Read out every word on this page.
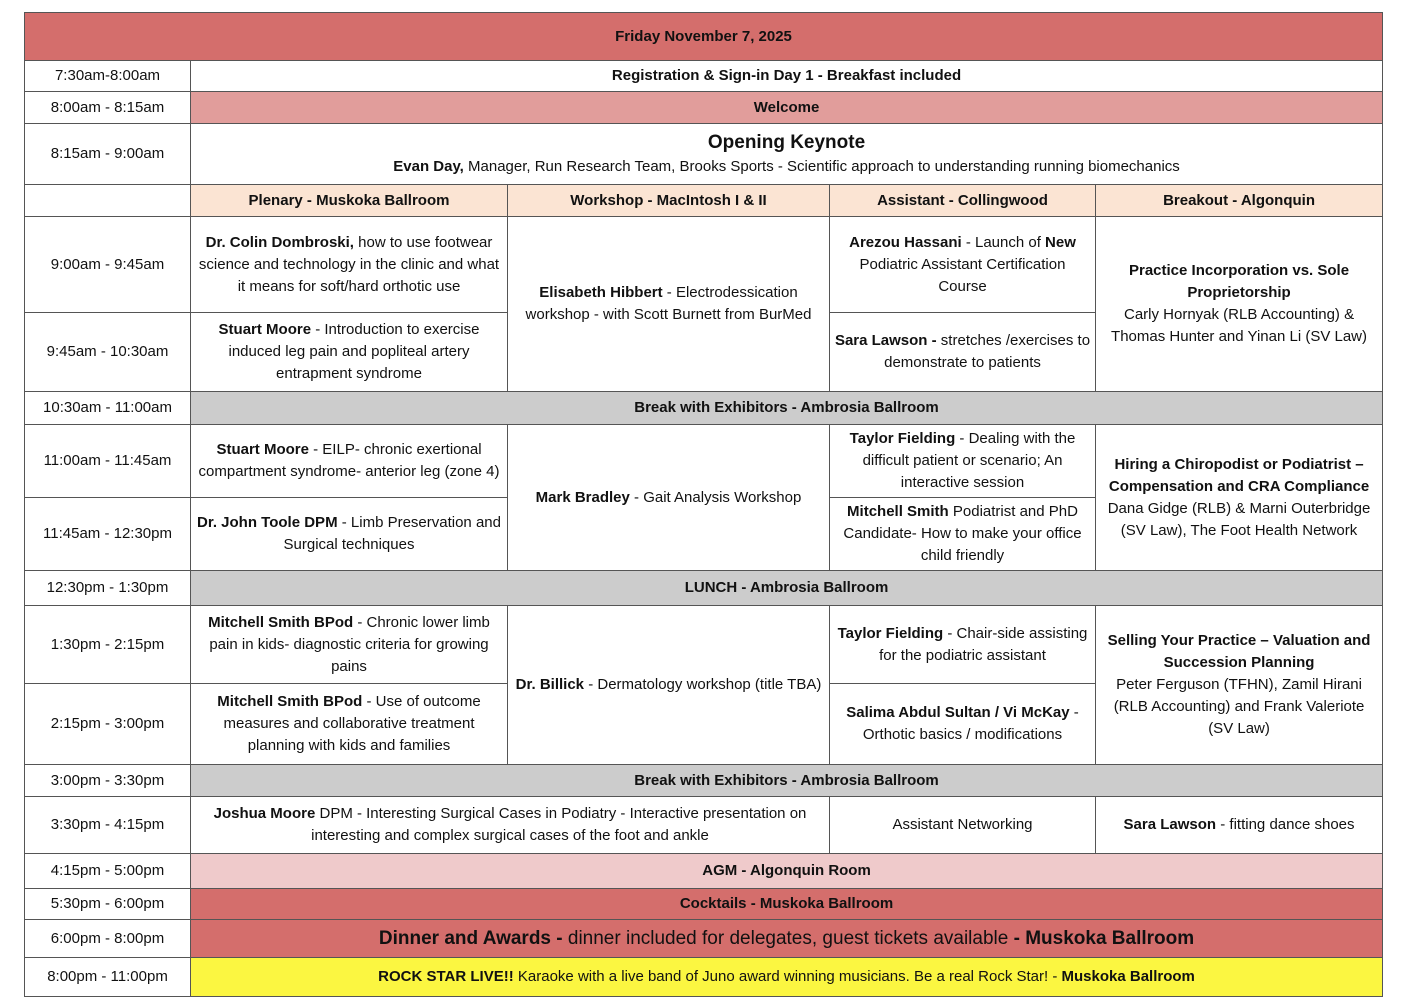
Friday November 7, 2025				
7:30am-8:00am	Registration & Sign-in Day 1 - Breakfast included			
8:00am - 8:15am	Welcome			
8:15am - 9:00am	Opening Keynote
Evan Day, Manager, Run Research Team, Brooks Sports - Scientific approach to understanding running biomechanics			
	Plenary - Muskoka Ballroom	Workshop - MacIntosh I & II	Assistant - Collingwood	Breakout - Algonquin
9:00am - 9:45am	Dr. Colin Dombroski, how to use footwear science and technology in the clinic and what it means for soft/hard orthotic use	Elisabeth Hibbert - Electrodessication workshop - with Scott Burnett from BurMed	Arezou Hassani - Launch of New Podiatric Assistant Certification Course	Practice Incorporation vs. Sole Proprietorship
Carly Hornyak (RLB Accounting) & Thomas Hunter and Yinan Li (SV Law)
9:45am - 10:30am	Stuart Moore - Introduction to exercise induced leg pain and popliteal artery entrapment syndrome		Sara Lawson - stretches /exercises to demonstrate to patients	
10:30am - 11:00am	Break with Exhibitors - Ambrosia Ballroom			
11:00am - 11:45am	Stuart Moore - EILP- chronic exertional compartment syndrome- anterior leg (zone 4)	Mark Bradley - Gait Analysis Workshop	Taylor Fielding - Dealing with the difficult patient or scenario; An interactive session	Hiring a Chiropodist or Podiatrist – Compensation and CRA Compliance
Dana Gidge (RLB) & Marni Outerbridge (SV Law), The Foot Health Network
11:45am - 12:30pm	Dr. John Toole DPM - Limb Preservation and Surgical techniques		Mitchell Smith Podiatrist and PhD Candidate- How to make your office child friendly	
12:30pm - 1:30pm	LUNCH - Ambrosia Ballroom			
1:30pm - 2:15pm	Mitchell Smith BPod - Chronic lower limb pain in kids- diagnostic criteria for growing pains	Dr. Billick - Dermatology workshop (title TBA)	Taylor Fielding - Chair-side assisting for the podiatric assistant	Selling Your Practice – Valuation and Succession Planning
Peter Ferguson (TFHN), Zamil Hirani (RLB Accounting) and Frank Valeriote (SV Law)
2:15pm - 3:00pm	Mitchell Smith BPod - Use of outcome measures and collaborative treatment planning with kids and families		Salima Abdul Sultan / Vi McKay - Orthotic basics / modifications	
3:00pm - 3:30pm	Break with Exhibitors - Ambrosia Ballroom			
3:30pm - 4:15pm	Joshua Moore DPM - Interesting Surgical Cases in Podiatry - Interactive presentation on interesting and complex surgical cases of the foot and ankle		Assistant Networking	Sara Lawson - fitting dance shoes
4:15pm - 5:00pm	AGM - Algonquin Room			
5:30pm - 6:00pm	Cocktails - Muskoka Ballroom			
6:00pm - 8:00pm	Dinner and Awards - dinner included for delegates, guest tickets available - Muskoka Ballroom			
8:00pm - 11:00pm	ROCK STAR LIVE!! Karaoke with a live band of Juno award winning musicians. Be a real Rock Star! - Muskoka Ballroom			
